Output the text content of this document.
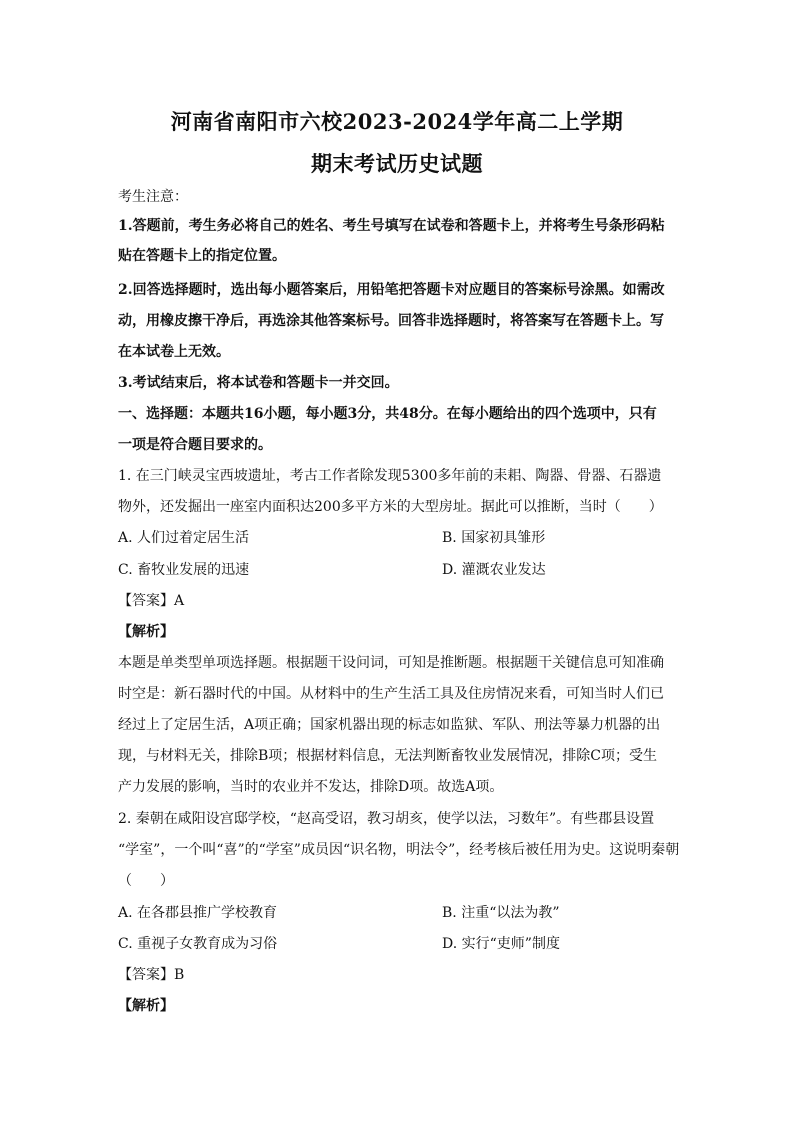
河南省南阳市六校2023-2024学年高二上学期
期末考试历史试题
考生注意：
1.答题前，考生务必将自己的姓名、考生号填写在试卷和答题卡上，并将考生号条形码粘
贴在答题卡上的指定位置。
2.回答选择题时，选出每小题答案后，用铅笔把答题卡对应题目的答案标号涂黑。如需改
动，用橡皮擦干净后，再选涂其他答案标号。回答非选择题时，将答案写在答题卡上。写
在本试卷上无效。
3.考试结束后，将本试卷和答题卡一并交回。
一、选择题：本题共16小题，每小题3分，共48分。在每小题给出的四个选项中，只有
一项是符合题目要求的。
1. 在三门峡灵宝西坡遗址，考古工作者除发现5300多年前的耒耜、陶器、骨器、石器遗
物外，还发掘出一座室内面积达200多平方米的大型房址。据此可以推断，当时（　　）
A. 人们过着定居生活	B. 国家初具雏形
C. 畜牧业发展的迅速	D. 灌溉农业发达
【答案】A
【解析】
本题是单类型单项选择题。根据题干设问词，可知是推断题。根据题干关键信息可知准确
时空是：新石器时代的中国。从材料中的生产生活工具及住房情况来看，可知当时人们已
经过上了定居生活，A项正确；国家机器出现的标志如监狱、军队、刑法等暴力机器的出
现，与材料无关，排除B项；根据材料信息，无法判断畜牧业发展情况，排除C项；受生
产力发展的影响，当时的农业并不发达，排除D项。故选A项。
2. 秦朝在咸阳设宫邸学校，“赵高受诏，教习胡亥，使学以法，习数年”。有些郡县设置
“学室”，一个叫“喜”的“学室”成员因“识名物，明法令”，经考核后被任用为史。这说明秦朝
（　　）
A. 在各郡县推广学校教育	B. 注重“以法为教”
C. 重视子女教育成为习俗	D. 实行“吏师”制度
【答案】B
【解析】
